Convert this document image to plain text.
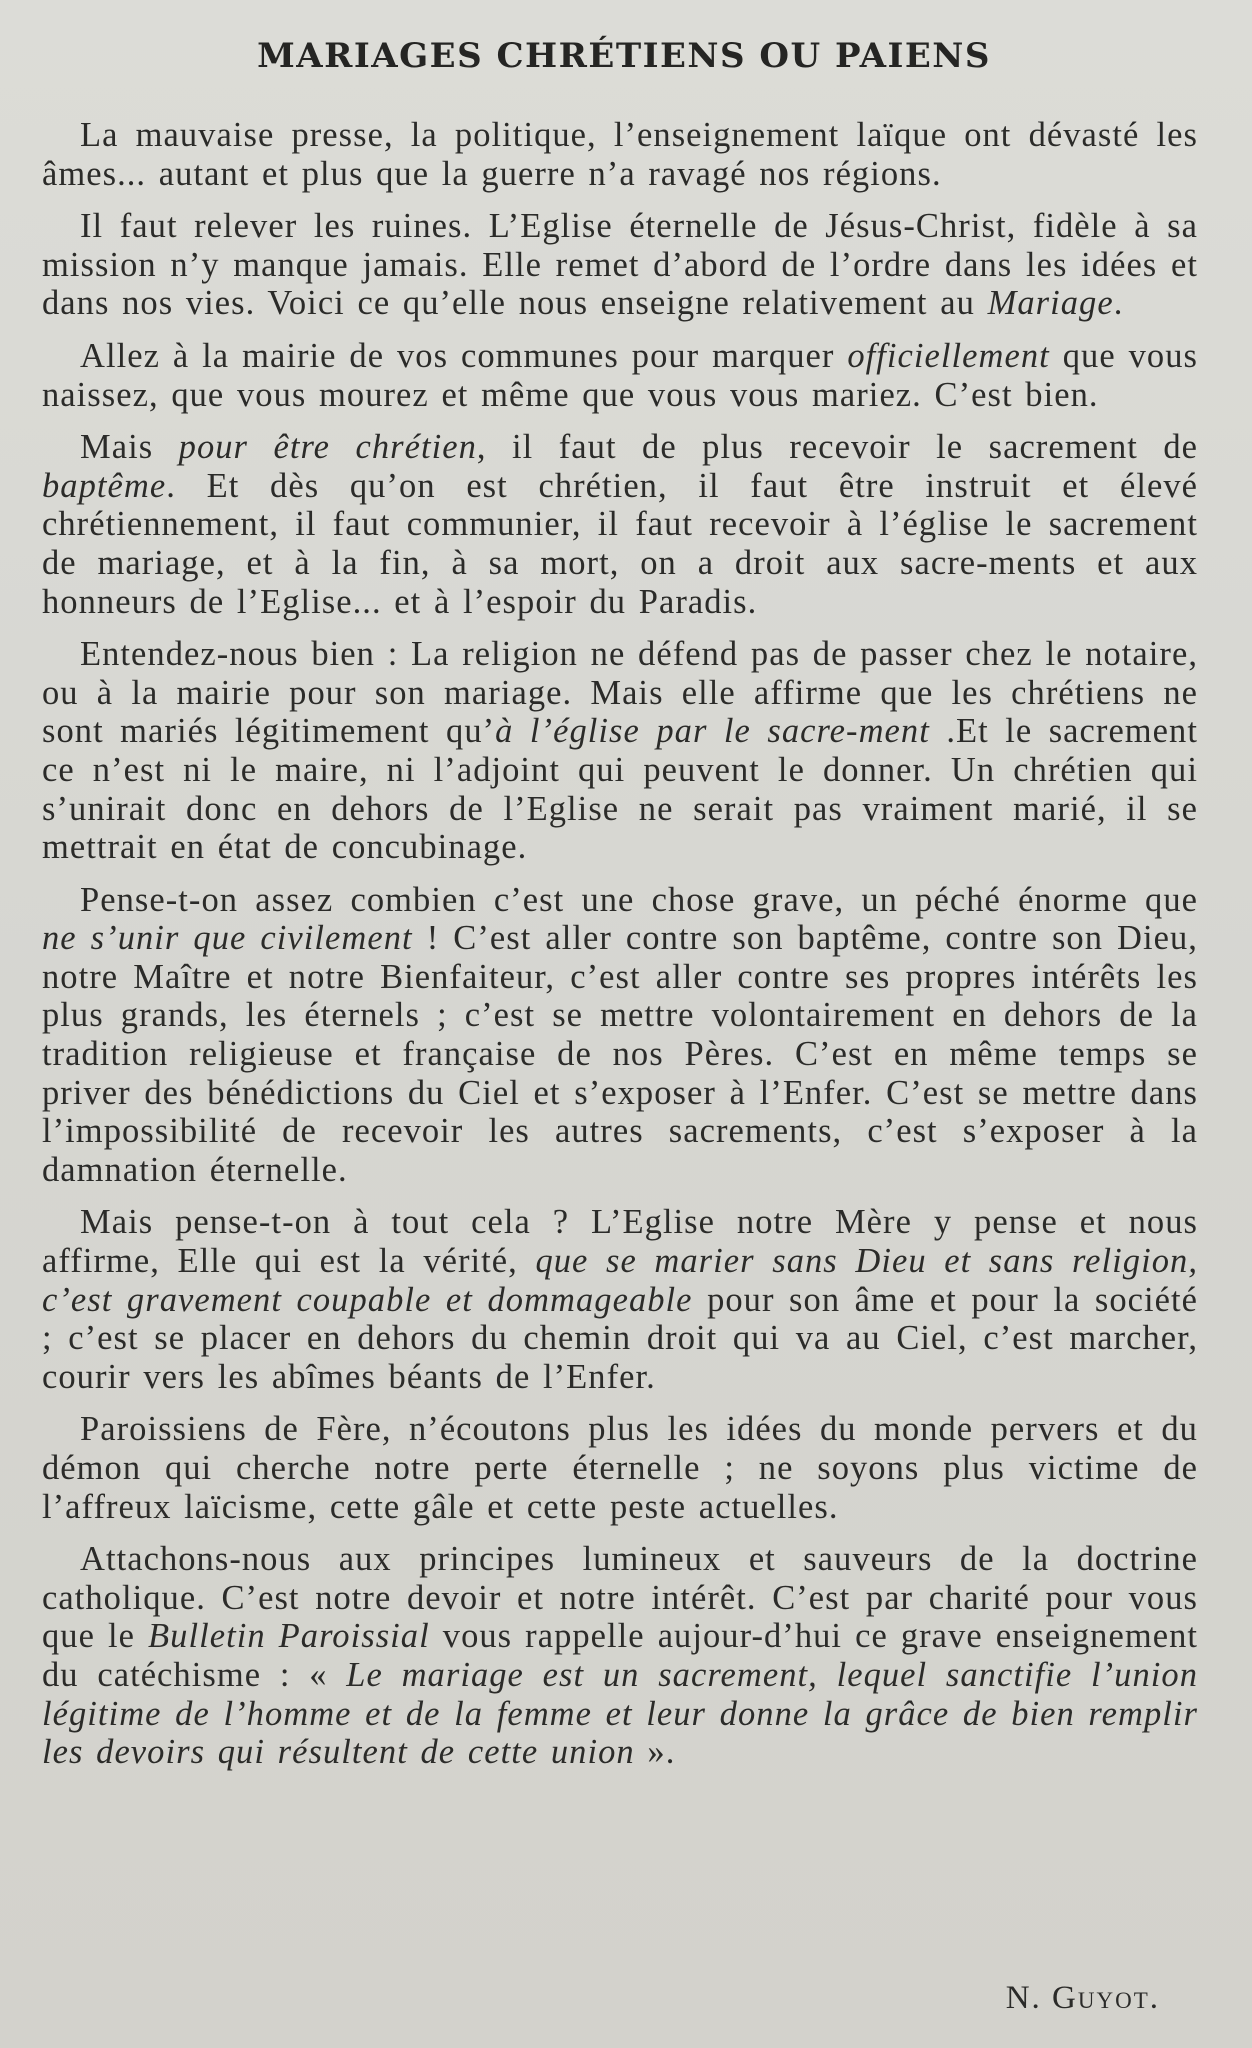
MARIAGES CHRÉTIENS OU PAIENS

La mauvaise presse, la politique, l’enseignement laïque ont dévasté les âmes... autant et plus que la guerre n’a ravagé nos régions.

Il faut relever les ruines. L’Eglise éternelle de Jésus-Christ, fidèle à sa mission n’y manque jamais. Elle remet d’abord de l’ordre dans les idées et dans nos vies. Voici ce qu’elle nous enseigne relativement au Mariage.

Allez à la mairie de vos communes pour marquer officiellement que vous naissez, que vous mourez et même que vous vous mariez. C’est bien.

Mais pour être chrétien, il faut de plus recevoir le sacrement de baptême. Et dès qu’on est chrétien, il faut être instruit et élevé chrétiennement, il faut communier, il faut recevoir à l’église le sacrement de mariage, et à la fin, à sa mort, on a droit aux sacre-ments et aux honneurs de l’Eglise... et à l’espoir du Paradis.

Entendez-nous bien : La religion ne défend pas de passer chez le notaire, ou à la mairie pour son mariage. Mais elle affirme que les chrétiens ne sont mariés légitimement qu’à l’église par le sacre-ment .Et le sacrement ce n’est ni le maire, ni l’adjoint qui peuvent le donner. Un chrétien qui s’unirait donc en dehors de l’Eglise ne serait pas vraiment marié, il se mettrait en état de concubinage.

Pense-t-on assez combien c’est une chose grave, un péché énorme que ne s’unir que civilement ! C’est aller contre son baptême, contre son Dieu, notre Maître et notre Bienfaiteur, c’est aller contre ses propres intérêts les plus grands, les éternels ; c’est se mettre volontairement en dehors de la tradition religieuse et française de nos Pères. C’est en même temps se priver des bénédictions du Ciel et s’exposer à l’Enfer. C’est se mettre dans l’impossibilité de recevoir les autres sacrements, c’est s’exposer à la damnation éternelle.

Mais pense-t-on à tout cela ? L’Eglise notre Mère y pense et nous affirme, Elle qui est la vérité, que se marier sans Dieu et sans religion, c’est gravement coupable et dommageable pour son âme et pour la société ; c’est se placer en dehors du chemin droit qui va au Ciel, c’est marcher, courir vers les abîmes béants de l’Enfer.

Paroissiens de Fère, n’écoutons plus les idées du monde pervers et du démon qui cherche notre perte éternelle ; ne soyons plus victime de l’affreux laïcisme, cette gâle et cette peste actuelles.

Attachons-nous aux principes lumineux et sauveurs de la doctrine catholique. C’est notre devoir et notre intérêt. C’est par charité pour vous que le Bulletin Paroissial vous rappelle aujour-d’hui ce grave enseignement du catéchisme : « Le mariage est un sacrement, lequel sanctifie l’union légitime de l’homme et de la femme et leur donne la grâce de bien remplir les devoirs qui résultent de cette union ».

N. Guyot.
